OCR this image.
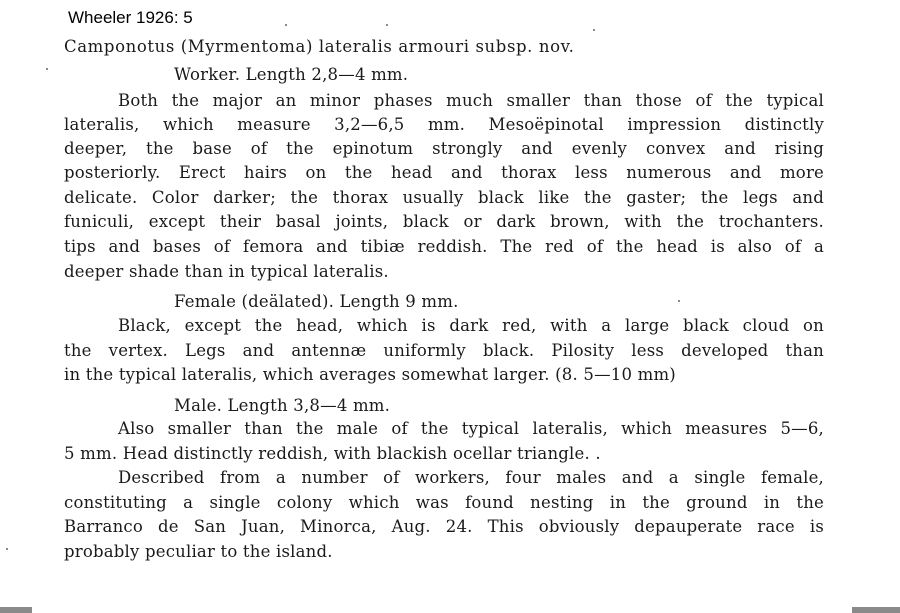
Wheeler 1926: 5
Camponotus (Myrmentoma) lateralis armouri subsp. nov.
Worker. Length 2,8—4 mm.
Both the major an minor phases much smaller than those of the typical
lateralis, which measure 3,2—6,5 mm. Mesoëpinotal impression distinctly
deeper, the base of the epinotum strongly and evenly convex and rising
posteriorly. Erect hairs on the head and thorax less numerous and more
delicate. Color darker; the thorax usually black like the gaster; the legs and
funiculi, except their basal joints, black or dark brown, with the trochanters.
tips and bases of femora and tibiæ reddish. The red of the head is also of a
deeper shade than in typical lateralis.
Female (deälated). Length 9 mm.
Black, except the head, which is dark red, with a large black cloud on
the vertex. Legs and antennæ uniformly black. Pilosity less developed than
in the typical lateralis, which averages somewhat larger. (8. 5—10 mm)
Male. Length 3,8—4 mm.
Also smaller than the male of the typical lateralis, which measures 5—6,
5 mm. Head distinctly reddish, with blackish ocellar triangle. .
Described from a number of workers, four males and a single female,
constituting a single colony which was found nesting in the ground in the
Barranco de San Juan, Minorca, Aug. 24. This obviously depauperate race is
probably peculiar to the island.
